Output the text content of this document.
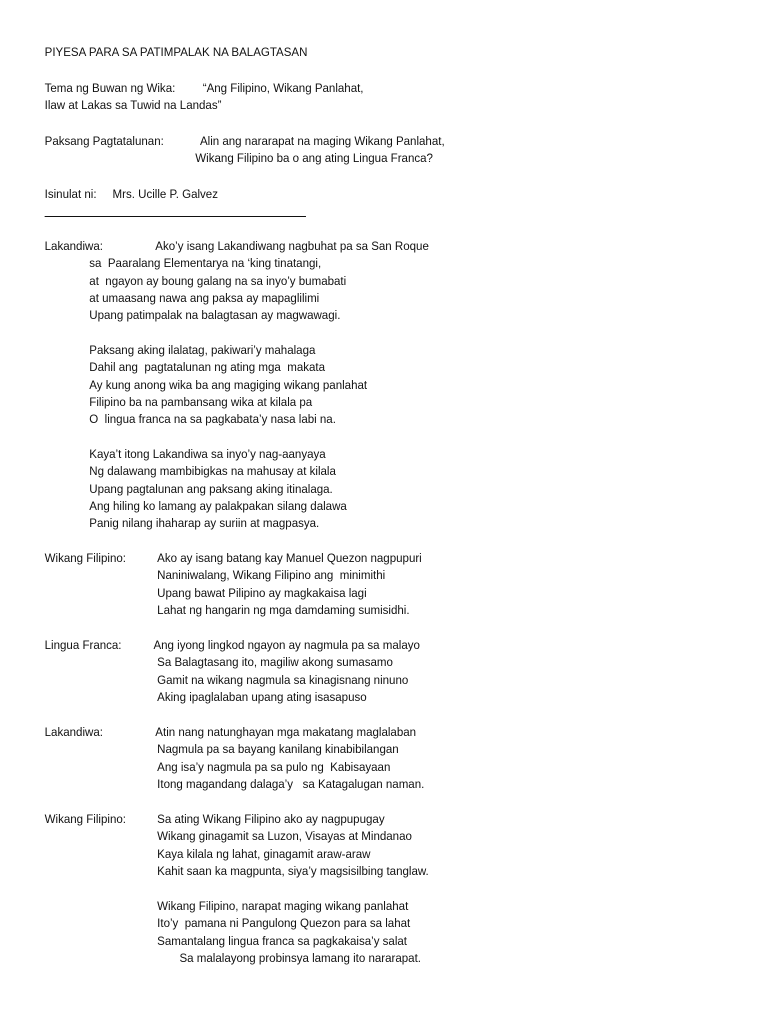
PIYESA PARA SA PATIMPALAK NA BALAGTASAN
Tema ng Buwan ng Wika: “Ang Filipino, Wikang Panlahat,
Ilaw at Lakas sa Tuwid na Landas”
Paksang Pagtatalunan:	Alin ang nararapat na maging Wikang Panlahat,
Wikang Filipino ba o ang ating Lingua Franca?
Isinulat ni: Mrs. Ucille P. Galvez
Lakandiwa:	Ako’y isang Lakandiwang nagbuhat pa sa San Roque
sa  Paaralang Elementarya na ‘king tinatangi,
at  ngayon ay boung galang na sa inyo’y bumabati
at umaasang nawa ang paksa ay mapaglilimi
Upang patimpalak na balagtasan ay magwawagi.
Paksang aking ilalatag, pakiwari’y mahalaga
Dahil ang  pagtatalunan ng ating mga  makata
Ay kung anong wika ba ang magiging wikang panlahat
Filipino ba na pambansang wika at kilala pa
O  lingua franca na sa pagkabata’y nasa labi na.
Kaya’t itong Lakandiwa sa inyo’y nag-aanyaya
Ng dalawang mambibigkas na mahusay at kilala
Upang pagtalunan ang paksang aking itinalaga.
Ang hiling ko lamang ay palakpakan silang dalawa
Panig nilang ihaharap ay suriin at magpasya.
Wikang Filipino:	Ako ay isang batang kay Manuel Quezon nagpupuri
Naniniwalang, Wikang Filipino ang  minimithi
Upang bawat Pilipino ay magkakaisa lagi
Lahat ng hangarin ng mga damdaming sumisidhi.
Lingua Franca:	Ang iyong lingkod ngayon ay nagmula pa sa malayo
Sa Balagtasang ito, magiliw akong sumasamo
Gamit na wikang nagmula sa kinagisnang ninuno
Aking ipaglalaban upang ating isasapuso
Lakandiwa:	Atin nang natunghayan mga makatang maglalaban
Nagmula pa sa bayang kanilang kinabibilangan
Ang isa’y nagmula pa sa pulo ng  Kabisayaan
Itong magandang dalaga’y   sa Katagalugan naman.
Wikang Filipino:	Sa ating Wikang Filipino ako ay nagpupugay
Wikang ginagamit sa Luzon, Visayas at Mindanao
Kaya kilala ng lahat, ginagamit araw-araw
Kahit saan ka magpunta, siya’y magsisilbing tanglaw.
Wikang Filipino, narapat maging wikang panlahat
Ito’y  pamana ni Pangulong Quezon para sa lahat
Samantalang lingua franca sa pagkakaisa’y salat
Sa malalayong probinsya lamang ito nararapat.
